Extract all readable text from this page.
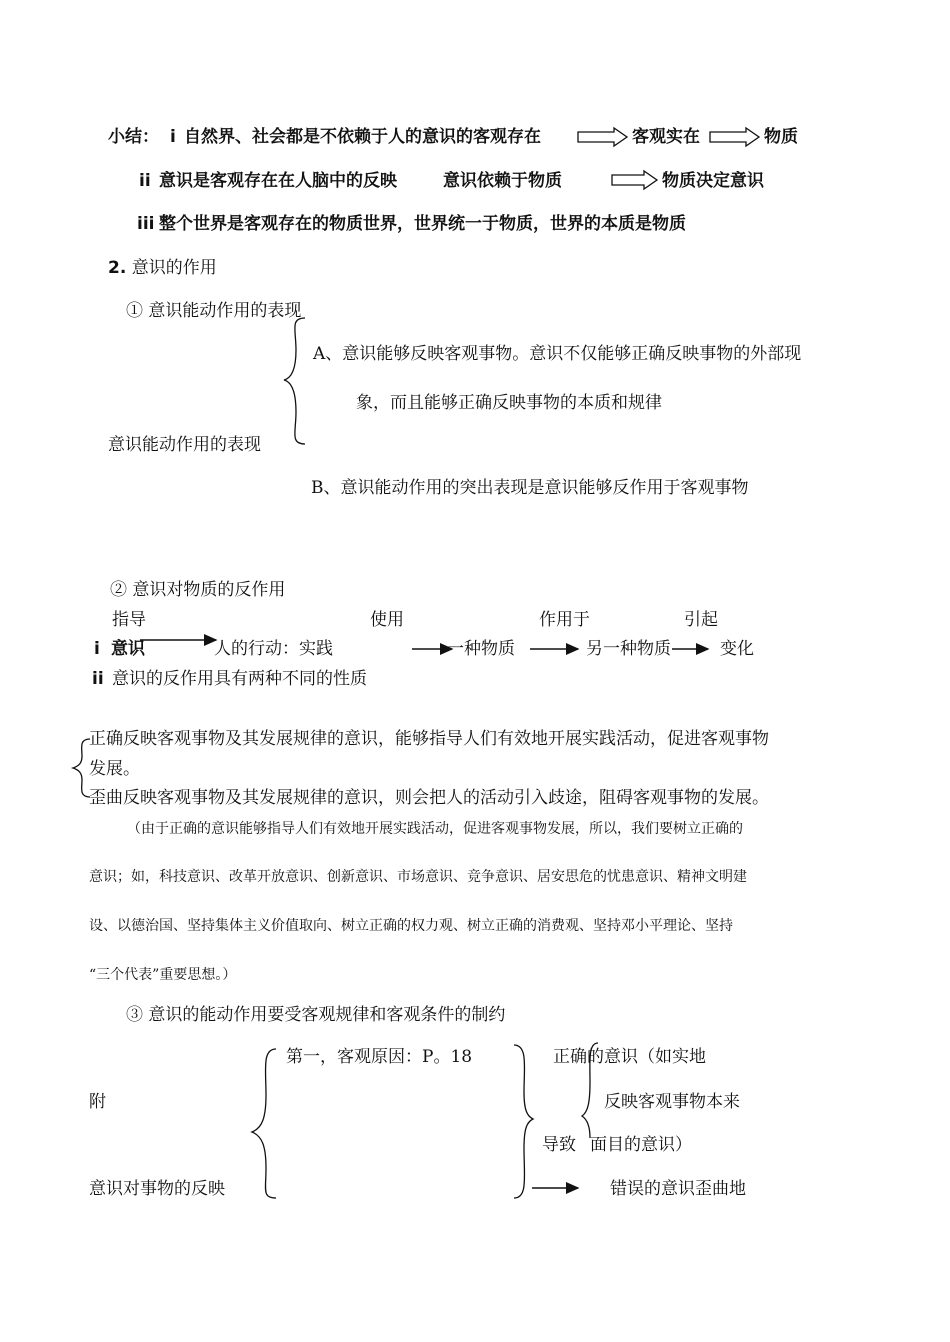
小结： i 自然界、社会都是不依赖于人的意识的客观存在	客观实在	物质
ii 意识是客观存在在人脑中的反映	意识依赖于物质	物质决定意识
iii 整个世界是客观存在的物质世界，世界统一于物质，世界的本质是物质
2. 意识的作用
① 意识能动作用的表现
A、意识能够反映客观事物。意识不仅能够正确反映事物的外部现
象，而且能够正确反映事物的本质和规律
意识能动作用的表现
B、意识能动作用的突出表现是意识能够反作用于客观事物
② 意识对物质的反作用
指导	使用	作用于	引起
i 意识	人的行动：实践	一种物质	另一种物质	变化
ii 意识的反作用具有两种不同的性质
正确反映客观事物及其发展规律的意识，能够指导人们有效地开展实践活动，促进客观事物
发展。
歪曲反映客观事物及其发展规律的意识，则会把人的活动引入歧途，阻碍客观事物的发展。
（由于正确的意识能够指导人们有效地开展实践活动，促进客观事物发展，所以，我们要树立正确的
意识；如，科技意识、改革开放意识、创新意识、市场意识、竞争意识、居安思危的忧患意识、精神文明建
设、以德治国、坚持集体主义价值取向、树立正确的权力观、树立正确的消费观、坚持邓小平理论、坚持
“三个代表”重要思想。）
③ 意识的能动作用要受客观规律和客观条件的制约
第一，客观原因：P。18	正确的意识（如实地
附	反映客观事物本来
导致 面目的意识）
意识对事物的反映	错误的意识歪曲地
